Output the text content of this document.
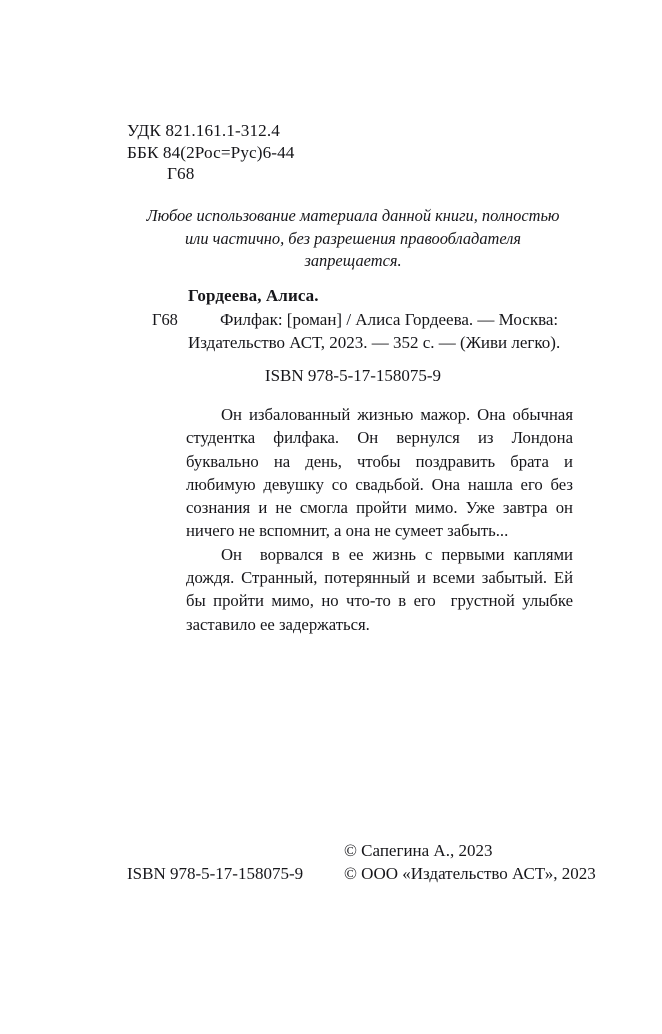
УДК 821.161.1-312.4
ББК 84(2Рос=Рус)6-44
Г68
Любое использование материала данной книги, полностью
или частично, без разрешения правообладателя
запрещается.
Г68
Гордеева, Алиса.
Филфак: [роман] / Алиса Гордеева. — Москва: Издательство АСТ, 2023. — 352 с. — (Живи легко).
ISBN 978-5-17-158075-9

Он избалованный жизнью мажор. Она обычная студентка филфака. Он вернулся из Лондона буквально на день, чтобы поздравить брата и любимую девушку со свадьбой. Она нашла его без сознания и не смогла пройти мимо. Уже завтра он ничего не вспомнит, а она не сумеет забыть...

Он  ворвался в ее жизнь с первыми каплями дождя. Странный, потерянный и всеми забытый. Ей бы пройти мимо, но что-то в его  грустной улыбке заставило ее задержаться.

ISBN 978-5-17-158075-9
© Сапегина А., 2023
© ООО «Издательство АСТ», 2023
